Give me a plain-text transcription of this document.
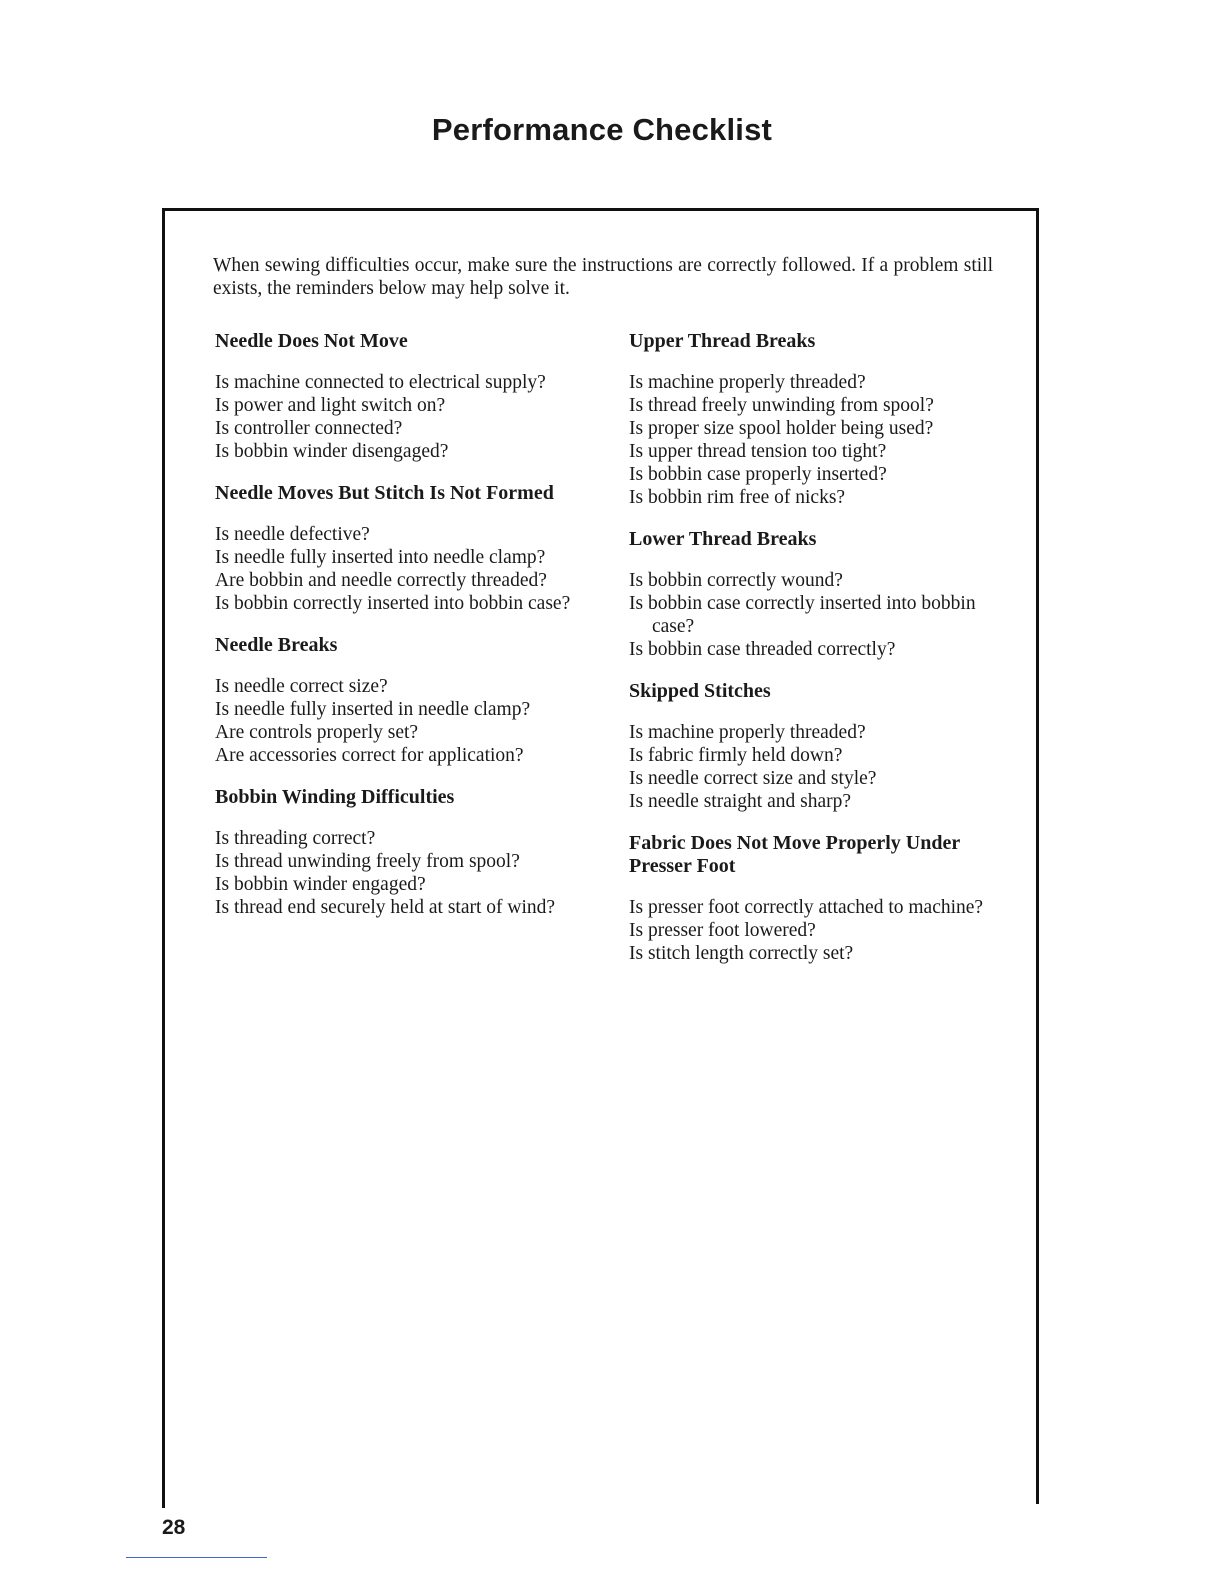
Performance Checklist

When sewing difficulties occur, make sure the instructions are correctly followed. If a problem still exists, the reminders below may help solve it.

Needle Does Not Move

Is machine connected to electrical supply?

Is power and light switch on?

Is controller connected?

Is bobbin winder disengaged?

Needle Moves But Stitch Is Not Formed

Is needle defective?

Is needle fully inserted into needle clamp?

Are bobbin and needle correctly threaded?

Is bobbin correctly inserted into bobbin case?

Needle Breaks

Is needle correct size?

Is needle fully inserted in needle clamp?

Are controls properly set?

Are accessories correct for application?

Bobbin Winding Difficulties

Is threading correct?

Is thread unwinding freely from spool?

Is bobbin winder engaged?

Is thread end securely held at start of wind?

Upper Thread Breaks

Is machine properly threaded?

Is thread freely unwinding from spool?

Is proper size spool holder being used?

Is upper thread tension too tight?

Is bobbin case properly inserted?

Is bobbin rim free of nicks?

Lower Thread Breaks

Is bobbin correctly wound?

Is bobbin case correctly inserted into bobbin case?

Is bobbin case threaded correctly?

Skipped Stitches

Is machine properly threaded?

Is fabric firmly held down?

Is needle correct size and style?

Is needle straight and sharp?

Fabric Does Not Move Properly Under Presser Foot

Is presser foot correctly attached to machine?

Is presser foot lowered?

Is stitch length correctly set?

28
